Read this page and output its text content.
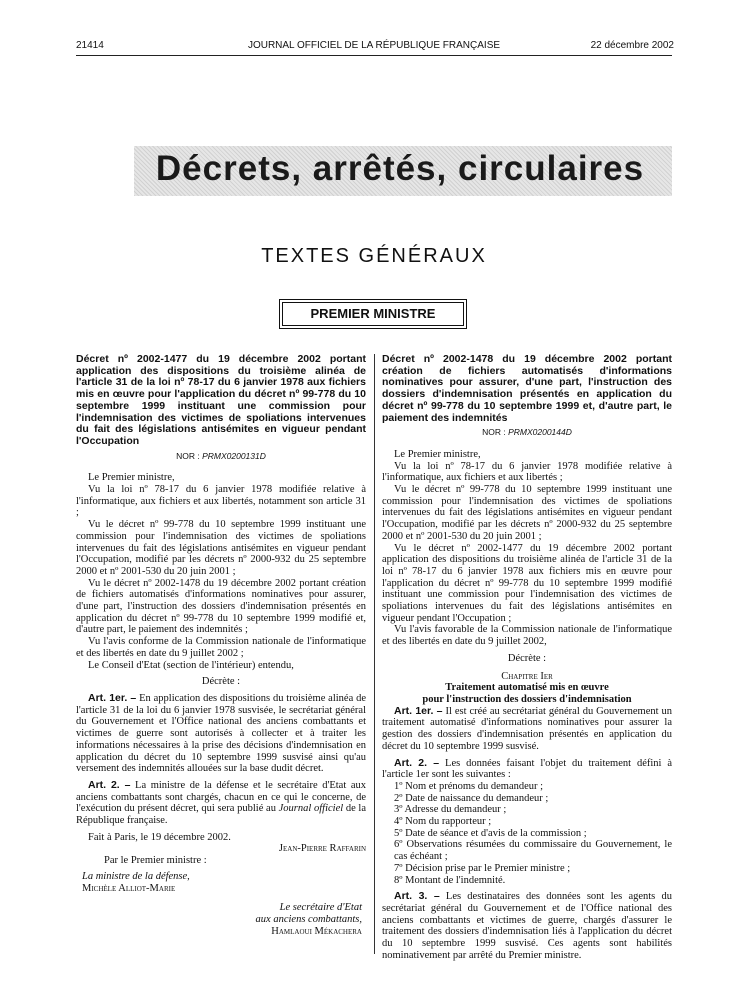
21414	JOURNAL OFFICIEL DE LA RÉPUBLIQUE FRANÇAISE	22 décembre 2002
Décrets, arrêtés, circulaires
TEXTES GÉNÉRAUX
PREMIER MINISTRE

Décret nº 2002-1477 du 19 décembre 2002 portant application des dispositions du troisième alinéa de l'article 31 de la loi nº 78-17 du 6 janvier 1978 aux fichiers mis en œuvre pour l'application du décret nº 99-778 du 10 septembre 1999 instituant une commission pour l'indemnisation des victimes de spoliations intervenues du fait des législations antisémites en vigueur pendant l'Occupation

NOR : PRMX0200131D

Le Premier ministre,

Vu la loi nº 78-17 du 6 janvier 1978 modifiée relative à l'informatique, aux fichiers et aux libertés, notamment son article 31 ;

Vu le décret nº 99-778 du 10 septembre 1999 instituant une commission pour l'indemnisation des victimes de spoliations intervenues du fait des législations antisémites en vigueur pendant l'Occupation, modifié par les décrets nº 2000-932 du 25 septembre 2000 et nº 2001-530 du 20 juin 2001 ;

Vu le décret nº 2002-1478 du 19 décembre 2002 portant création de fichiers automatisés d'informations nominatives pour assurer, d'une part, l'instruction des dossiers d'indemnisation présentés en application du décret nº 99-778 du 10 septembre 1999 modifié et, d'autre part, le paiement des indemnités ;

Vu l'avis conforme de la Commission nationale de l'informatique et des libertés en date du 9 juillet 2002 ;

Le Conseil d'Etat (section de l'intérieur) entendu,

Décrète :

Art. 1er. – En application des dispositions du troisième alinéa de l'article 31 de la loi du 6 janvier 1978 susvisée, le secrétariat général du Gouvernement et l'Office national des anciens combattants et victimes de guerre sont autorisés à collecter et à traiter les informations nécessaires à la prise des décisions d'indemnisation en application du décret du 10 septembre 1999 susvisé ainsi qu'au versement des indemnités allouées sur la base dudit décret.

Art. 2. – La ministre de la défense et le secrétaire d'Etat aux anciens combattants sont chargés, chacun en ce qui le concerne, de l'exécution du présent décret, qui sera publié au Journal officiel de la République française.

Fait à Paris, le 19 décembre 2002.

Jean-Pierre Raffarin

Par le Premier ministre :

La ministre de la défense,

Michèle Alliot-Marie

Le secrétaire d'Etat

aux anciens combattants,

Hamlaoui Mékachera

Décret nº 2002-1478 du 19 décembre 2002 portant création de fichiers automatisés d'informations nominatives pour assurer, d'une part, l'instruction des dossiers d'indemnisation présentés en application du décret nº 99-778 du 10 septembre 1999 et, d'autre part, le paiement des indemnités

NOR : PRMX0200144D

Le Premier ministre,

Vu la loi nº 78-17 du 6 janvier 1978 modifiée relative à l'informatique, aux fichiers et aux libertés ;

Vu le décret nº 99-778 du 10 septembre 1999 instituant une commission pour l'indemnisation des victimes de spoliations intervenues du fait des législations antisémites en vigueur pendant l'Occupation, modifié par les décrets nº 2000-932 du 25 septembre 2000 et nº 2001-530 du 20 juin 2001 ;

Vu le décret nº 2002-1477 du 19 décembre 2002 portant application des dispositions du troisième alinéa de l'article 31 de la loi nº 78-17 du 6 janvier 1978 aux fichiers mis en œuvre pour l'application du décret nº 99-778 du 10 septembre 1999 modifié instituant une commission pour l'indemnisation des victimes de spoliations intervenues du fait des législations antisémites en vigueur pendant l'Occupation ;

Vu l'avis favorable de la Commission nationale de l'informatique et des libertés en date du 9 juillet 2002,

Décrète :

Chapitre Ier

Traitement automatisé mis en œuvre

pour l'instruction des dossiers d'indemnisation

Art. 1er. – Il est créé au secrétariat général du Gouvernement un traitement automatisé d'informations nominatives pour assurer la gestion des dossiers d'indemnisation présentés en application du décret du 10 septembre 1999 susvisé.

Art. 2. – Les données faisant l'objet du traitement défini à l'article 1er sont les suivantes :

1º Nom et prénoms du demandeur ;

2º Date de naissance du demandeur ;

3º Adresse du demandeur ;

4º Nom du rapporteur ;

5º Date de séance et d'avis de la commission ;

6º Observations résumées du commissaire du Gouvernement, le cas échéant ;

7º Décision prise par le Premier ministre ;

8º Montant de l'indemnité.

Art. 3. – Les destinataires des données sont les agents du secrétariat général du Gouvernement et de l'Office national des anciens combattants et victimes de guerre, chargés d'assurer le traitement des dossiers d'indemnisation liés à l'application du décret du 10 septembre 1999 susvisé. Ces agents sont habilités nominativement par arrêté du Premier ministre.
